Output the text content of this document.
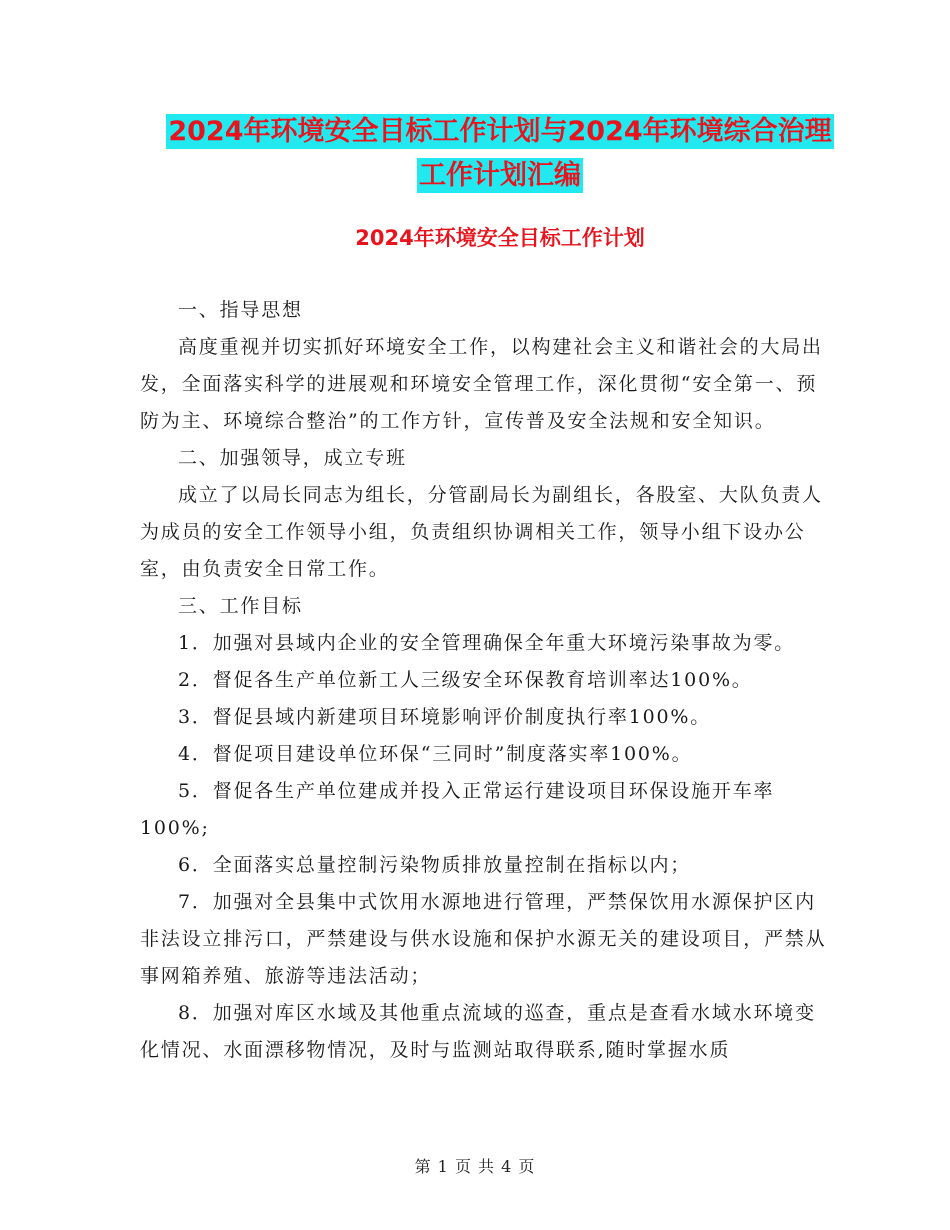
2024年环境安全目标工作计划与2024年环境综合治理
工作计划汇编
2024年环境安全目标工作计划

一、指导思想

高度重视并切实抓好环境安全工作，以构建社会主义和谐社会的大局出发，全面落实科学的进展观和环境安全管理工作，深化贯彻“安全第一、预防为主、环境综合整治”的工作方针，宣传普及安全法规和安全知识。

二、加强领导，成立专班

成立了以局长同志为组长，分管副局长为副组长，各股室、大队负责人为成员的安全工作领导小组，负责组织协调相关工作，领导小组下设办公室，由负责安全日常工作。

三、工作目标

1．加强对县域内企业的安全管理确保全年重大环境污染事故为零。

2．督促各生产单位新工人三级安全环保教育培训率达100%。

3．督促县域内新建项目环境影响评价制度执行率100%。

4．督促项目建设单位环保“三同时”制度落实率100%。

5．督促各生产单位建成并投入正常运行建设项目环保设施开车率100%;

6．全面落实总量控制污染物质排放量控制在指标以内；

7．加强对全县集中式饮用水源地进行管理，严禁保饮用水源保护区内非法设立排污口，严禁建设与供水设施和保护水源无关的建设项目，严禁从事网箱养殖、旅游等违法活动；

8．加强对库区水域及其他重点流域的巡查，重点是查看水域水环境变化情况、水面漂移物情况，及时与监测站取得联系,随时掌握水质

第 1 页 共 4 页
